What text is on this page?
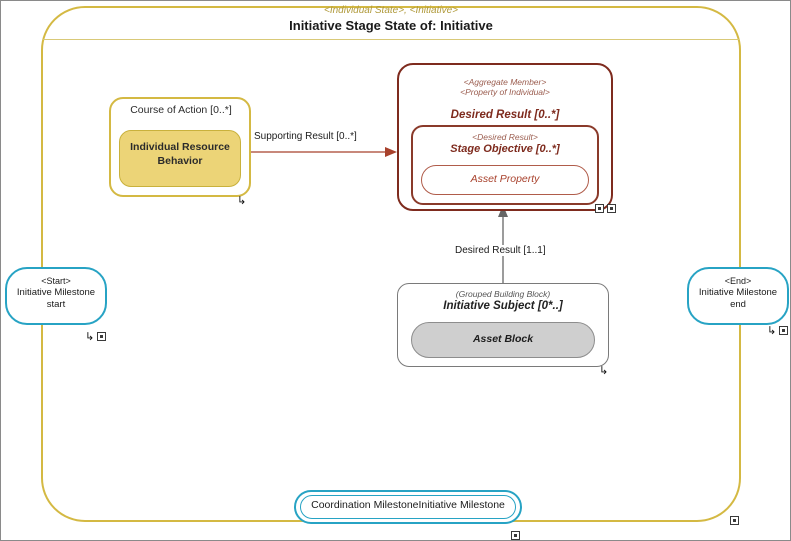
<Individual State>, <Initiative>
Initiative Stage State of: Initiative
Course of Action [0..*]
Individual Resource Behavior
↳
<Aggregate Member>
<Property of Individual>
Desired Result [0..*]
<Desired Result>
Stage Objective [0..*]
Asset Property
(Grouped Building Block)
Initiative Subject [0*..]
Asset Block
↳
<Start>
Initiative Milestone
start
↳
<End>
Initiative Milestone
end
↳
Coordination MilestoneInitiative Milestone
Supporting Result [0..*]
Desired Result [1..1]
